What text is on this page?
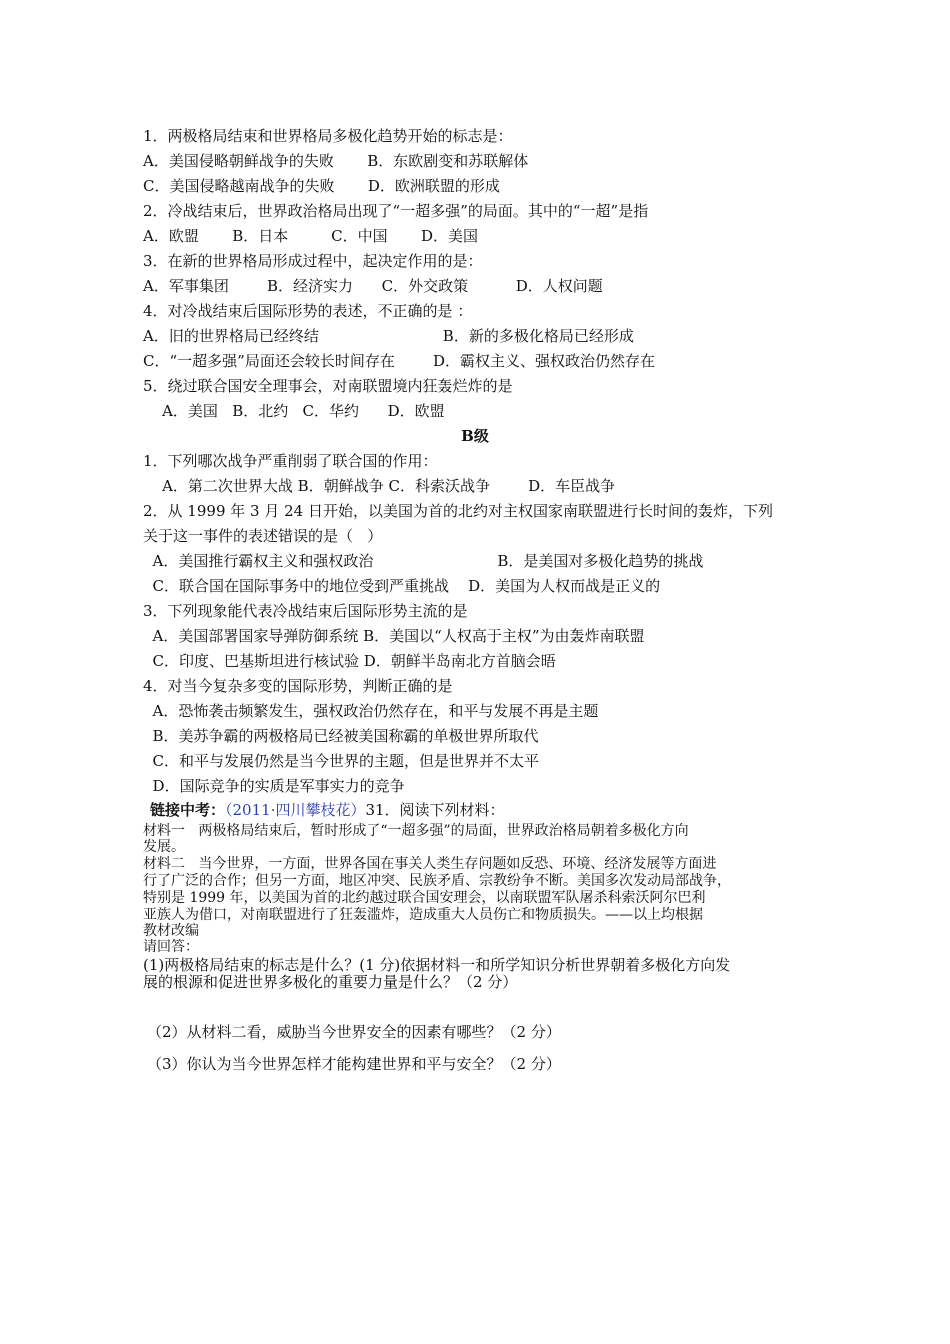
1．两极格局结束和世界格局多极化趋势开始的标志是：
A．美国侵略朝鲜战争的失败       B．东欧剧变和苏联解体
C．美国侵略越南战争的失败       D．欧洲联盟的形成
2．冷战结束后，世界政治格局出现了“一超多强”的局面。其中的“一超”是指
A．欧盟       B．日本         C．中国       D．美国
3．在新的世界格局形成过程中，起决定作用的是：
A．军事集团        B．经济实力      C．外交政策          D．人权问题
4．对冷战结束后国际形势的表述，不正确的是 ：
A．旧的世界格局已经终结                          B．新的多极化格局已经形成
C．“一超多强”局面还会较长时间存在        D．霸权主义、强权政治仍然存在
5．绕过联合国安全理事会，对南联盟境内狂轰烂炸的是
A．美国   B．北约   C．华约      D．欧盟
B级
1．下列哪次战争严重削弱了联合国的作用：
A．第二次世界大战 B．朝鲜战争 C．科索沃战争        D．车臣战争
2．从 1999 年 3 月 24 日开始，以美国为首的北约对主权国家南联盟进行长时间的轰炸，下列
关于这一事件的表述错误的是（   ）
A．美国推行霸权主义和强权政治                          B．是美国对多极化趋势的挑战
C．联合国在国际事务中的地位受到严重挑战    D．美国为人权而战是正义的
3．下列现象能代表冷战结束后国际形势主流的是
A．美国部署国家导弹防御系统 B．美国以“人权高于主权”为由轰炸南联盟
C．印度、巴基斯坦进行核试验 D．朝鲜半岛南北方首脑会晤
4．对当今复杂多变的国际形势，判断正确的是
A．恐怖袭击频繁发生，强权政治仍然存在，和平与发展不再是主题
B．美苏争霸的两极格局已经被美国称霸的单极世界所取代
C．和平与发展仍然是当今世界的主题，但是世界并不太平
D．国际竞争的实质是军事实力的竞争
链接中考：（2011·四川攀枝花）31．阅读下列材料：
材料一   两极格局结束后，暂时形成了“一超多强”的局面，世界政治格局朝着多极化方向
发展。
材料二   当今世界，一方面，世界各国在事关人类生存问题如反恐、环境、经济发展等方面进
行了广泛的合作；但另一方面，地区冲突、民族矛盾、宗教纷争不断。美国多次发动局部战争，
特别是 1999 年，以美国为首的北约越过联合国安理会，以南联盟军队屠杀科索沃阿尔巴利
亚族人为借口，对南联盟进行了狂轰滥炸，造成重大人员伤亡和物质损失。——以上均根据
教材改编
请回答：
(1)两极格局结束的标志是什么？(1 分)依据材料一和所学知识分析世界朝着多极化方向发
展的根源和促进世界多极化的重要力量是什么？（2 分）
（2）从材料二看，威胁当今世界安全的因素有哪些？（2 分）
（3）你认为当今世界怎样才能构建世界和平与安全？（2 分）
